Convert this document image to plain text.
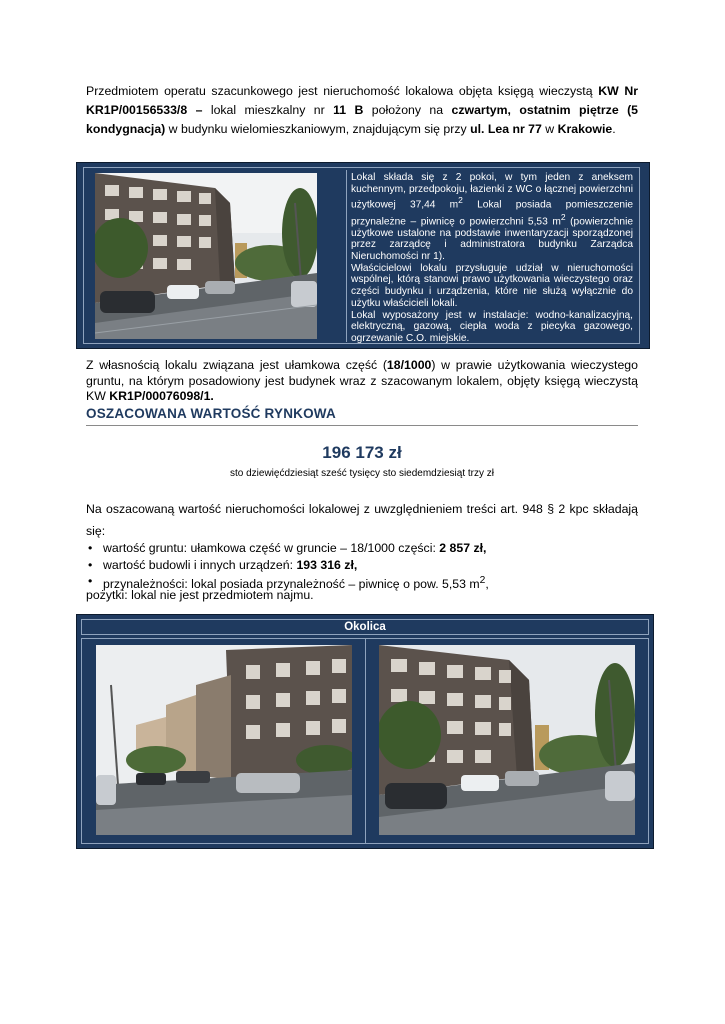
Przedmiotem operatu szacunkowego jest nieruchomość lokalowa objęta księgą wieczystą KW Nr KR1P/00156533/8 – lokal mieszkalny nr 11 B położony na czwartym, ostatnim piętrze (5 kondygnacja) w budynku wielomieszkaniowym, znajdującym się przy ul. Lea nr 77 w Krakowie.

Lokal składa się z 2 pokoi, w tym jeden z aneksem kuchennym, przedpokoju, łazienki z WC o łącznej powierzchni użytkowej 37,44 $m^2$ Lokal posiada pomieszczenie przynależne – piwnicę o powierzchni 5,53 $m^2$ (powierzchnie użytkowe ustalone na podstawie inwentaryzacji sporządzonej przez zarządcę i administratora budynku Zarządca Nieruchomości nr 1).

Właścicielowi lokalu przysługuje udział w nieruchomości wspólnej, którą stanowi prawo użytkowania wieczystego oraz części budynku i urządzenia, które nie służą wyłącznie do użytku właścicieli lokali.

Lokal wyposażony jest w instalacje: wodno-kanalizacyjną, elektryczną, gazową, ciepła woda z piecyka gazowego, ogrzewanie C.O. miejskie.

Z własnością lokalu związana jest ułamkowa część (18/1000) w prawie użytkowania wieczystego gruntu, na którym posadowiony jest budynek wraz z szacowanym lokalem, objęty księgą wieczystą KW KR1P/00076098/1.
OSZACOWANA WARTOŚĆ RYNKOWA
196 173 zł
sto dziewięćdziesiąt sześć tysięcy sto siedemdziesiąt trzy zł
Na oszacowaną wartość nieruchomości lokalowej z uwzględnieniem treści art. 948 § 2 kpc składają się:
• wartość gruntu: ułamkowa część w gruncie – 18/1000 części: 2 857 zł,
• wartość budowli i innych urządzeń: 193 316 zł,
• przynależności: lokal posiada przynależność – piwnicę o pow. 5,53 $m^2$,
pożytki: lokal nie jest przedmiotem najmu.
Okolica
